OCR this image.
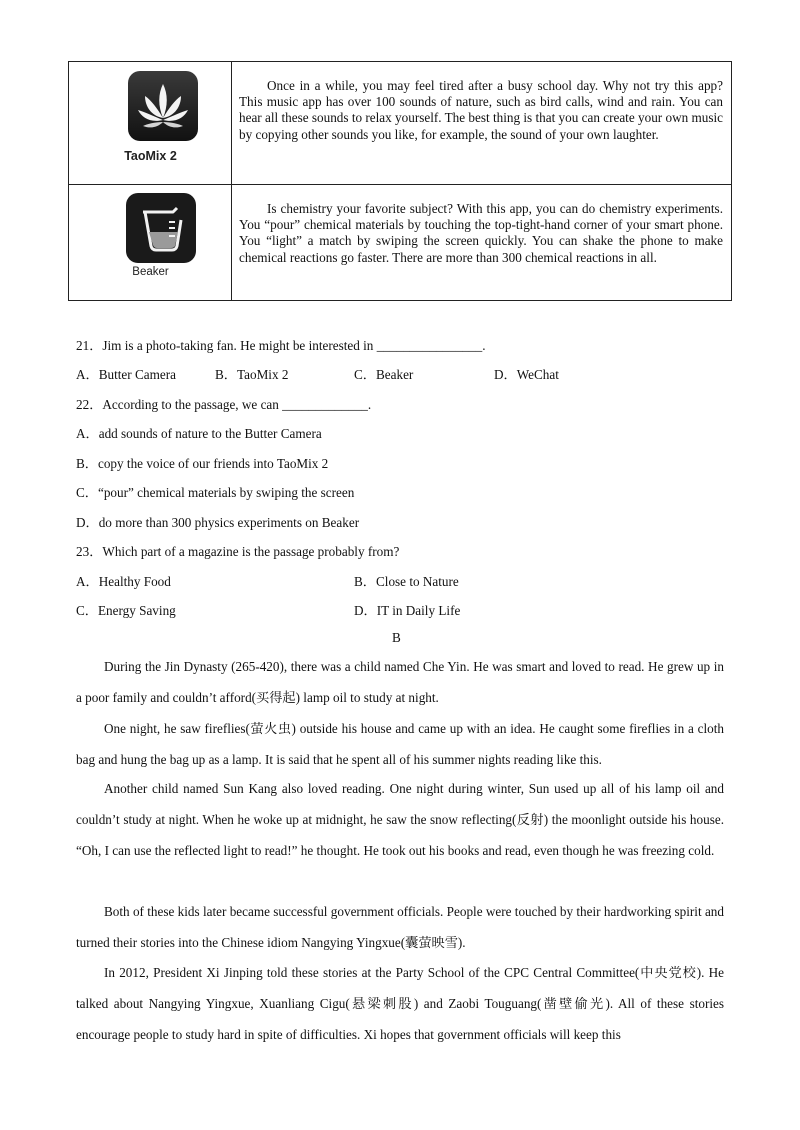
TaoMix 2
Once in a while, you may feel tired after a busy school day. Why not try this app? This music app has over 100 sounds of nature, such as bird calls, wind and rain. You can hear all these sounds to relax yourself. The best thing is that you can create your own music by copying other sounds you like, for example, the sound of your own laughter.
Beaker
Is chemistry your favorite subject? With this app, you can do chemistry experiments. You “pour” chemical materials by touching the top-tight-hand corner of your smart phone. You “light” a match by swiping the screen quickly. You can shake the phone to make chemical reactions go faster. There are more than 300 chemical reactions in all.
21．Jim is a photo-taking fan. He might be interested in ________________.
A．Butter Camera	B．TaoMix 2	C．Beaker	D．WeChat
22．According to the passage, we can _____________.
A．add sounds of nature to the Butter Camera
B．copy the voice of our friends into TaoMix 2
C．“pour” chemical materials by swiping the screen
D．do more than 300 physics experiments on Beaker
23．Which part of a magazine is the passage probably from?
A．Healthy Food	B．Close to Nature
C．Energy Saving	D．IT in Daily Life
B
During the Jin Dynasty (265-420), there was a child named Che Yin. He was smart and loved to read. He grew up in a poor family and couldn’t afford(买得起) lamp oil to study at night.
One night, he saw fireflies(萤火虫) outside his house and came up with an idea. He caught some fireflies in a cloth bag and hung the bag up as a lamp. It is said that he spent all of his summer nights reading like this.
Another child named Sun Kang also loved reading. One night during winter, Sun used up all of his lamp oil and couldn’t study at night. When he woke up at midnight, he saw the snow reflecting(反射) the moonlight outside his house. “Oh, I can use the reflected light to read!” he thought. He took out his books and read, even though he was freezing cold.
Both of these kids later became successful government officials. People were touched by their hardworking spirit and turned their stories into the Chinese idiom Nangying Yingxue(囊萤映雪).
In 2012, President Xi Jinping told these stories at the Party School of the CPC Central Committee(中央党校). He talked about Nangying Yingxue, Xuanliang Cigu(悬梁刺股) and Zaobi Touguang(凿壁偷光). All of these stories encourage people to study hard in spite of difficulties. Xi hopes that government officials will keep this
